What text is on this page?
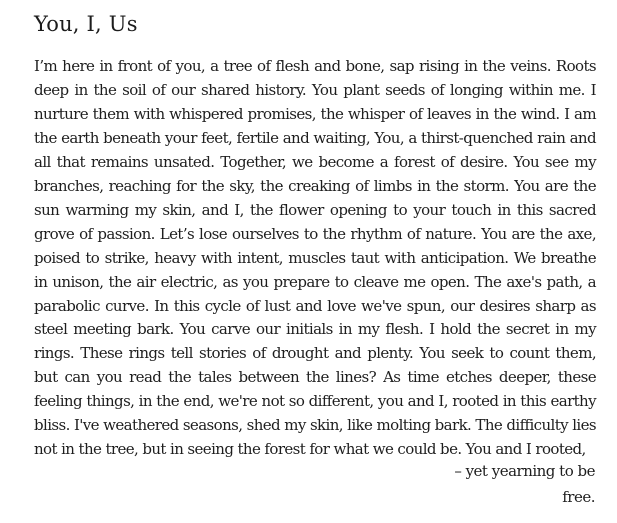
You, I, Us

I’m here in front of you, a tree of flesh and bone, sap rising in the veins. Roots deep in the soil of our shared history. You plant seeds of longing within me. I nurture them with whispered promises, the whisper of leaves in the wind. I am the earth beneath your feet, fertile and waiting, You, a thirst-quenched rain and all that remains unsated. Together, we become a forest of desire. You see my branches, reaching for the sky, the creaking of limbs in the storm. You are the sun warming my skin, and I, the flower opening to your touch in this sacred grove of passion. Let’s lose ourselves to the rhythm of nature. You are the axe, poised to strike, heavy with intent, muscles taut with anticipation. We breathe in unison, the air electric, as you prepare to cleave me open. The axe's path, a parabolic curve. In this cycle of lust and love we've spun, our desires sharp as steel meeting bark. You carve our initials in my flesh. I hold the secret in my rings. These rings tell stories of drought and plenty. You seek to count them, but can you read the tales between the lines? As time etches deeper, these feeling things, in the end, we're not so different, you and I, rooted in this earthy bliss. I've weathered seasons, shed my skin, like molting bark. The difficulty lies not in the tree, but in seeing the forest for what we could be. You and I rooted,

– yet yearning to be
free.
